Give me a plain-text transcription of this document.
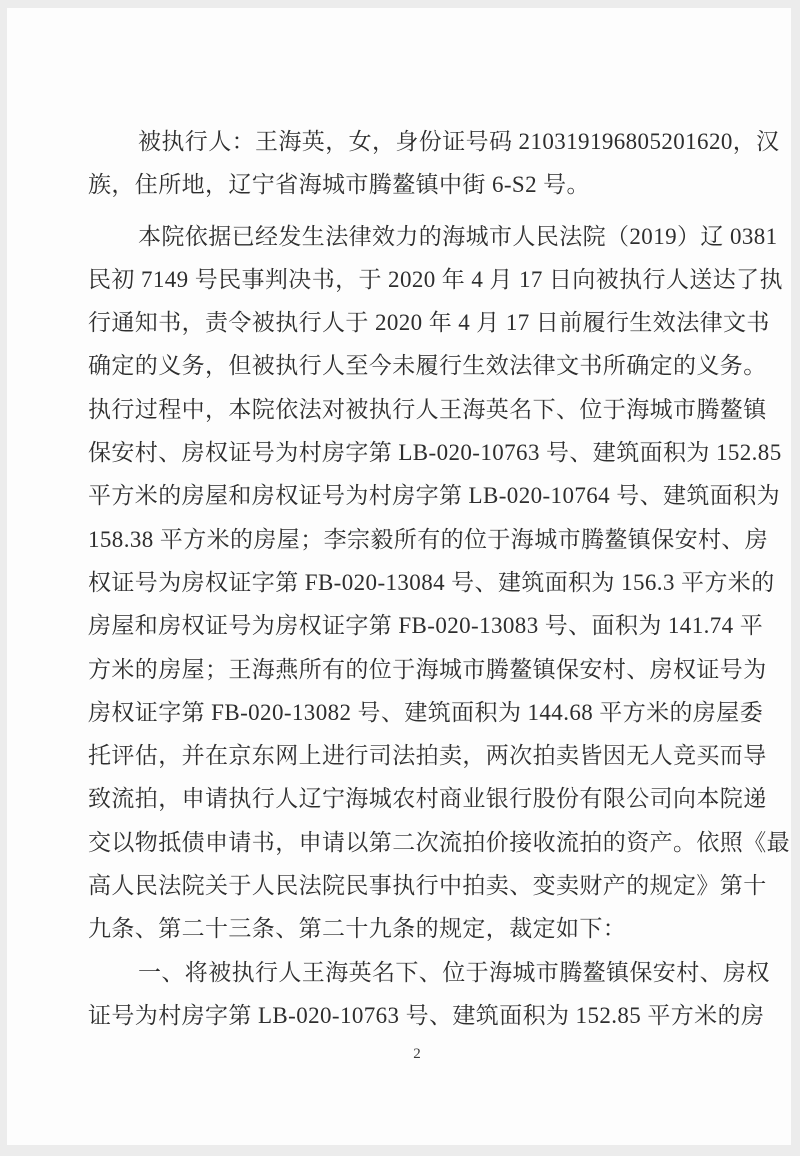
被执行人：王海英，女，身份证号码 210319196805201620，汉
族，住所地，辽宁省海城市腾鳌镇中街 6-S2 号。
本院依据已经发生法律效力的海城市人民法院（2019）辽 0381
民初 7149 号民事判决书，于 2020 年 4 月 17 日向被执行人送达了执
行通知书，责令被执行人于 2020 年 4 月 17 日前履行生效法律文书
确定的义务，但被执行人至今未履行生效法律文书所确定的义务。
执行过程中，本院依法对被执行人王海英名下、位于海城市腾鳌镇
保安村、房权证号为村房字第 LB-020-10763 号、建筑面积为 152.85
平方米的房屋和房权证号为村房字第 LB-020-10764 号、建筑面积为
158.38 平方米的房屋；李宗毅所有的位于海城市腾鳌镇保安村、房
权证号为房权证字第 FB-020-13084 号、建筑面积为 156.3 平方米的
房屋和房权证号为房权证字第 FB-020-13083 号、面积为 141.74 平
方米的房屋；王海燕所有的位于海城市腾鳌镇保安村、房权证号为
房权证字第 FB-020-13082 号、建筑面积为 144.68 平方米的房屋委
托评估，并在京东网上进行司法拍卖，两次拍卖皆因无人竞买而导
致流拍，申请执行人辽宁海城农村商业银行股份有限公司向本院递
交以物抵债申请书，申请以第二次流拍价接收流拍的资产。依照《最
高人民法院关于人民法院民事执行中拍卖、变卖财产的规定》第十
九条、第二十三条、第二十九条的规定，裁定如下：
一、将被执行人王海英名下、位于海城市腾鳌镇保安村、房权
证号为村房字第 LB-020-10763 号、建筑面积为 152.85 平方米的房
2
